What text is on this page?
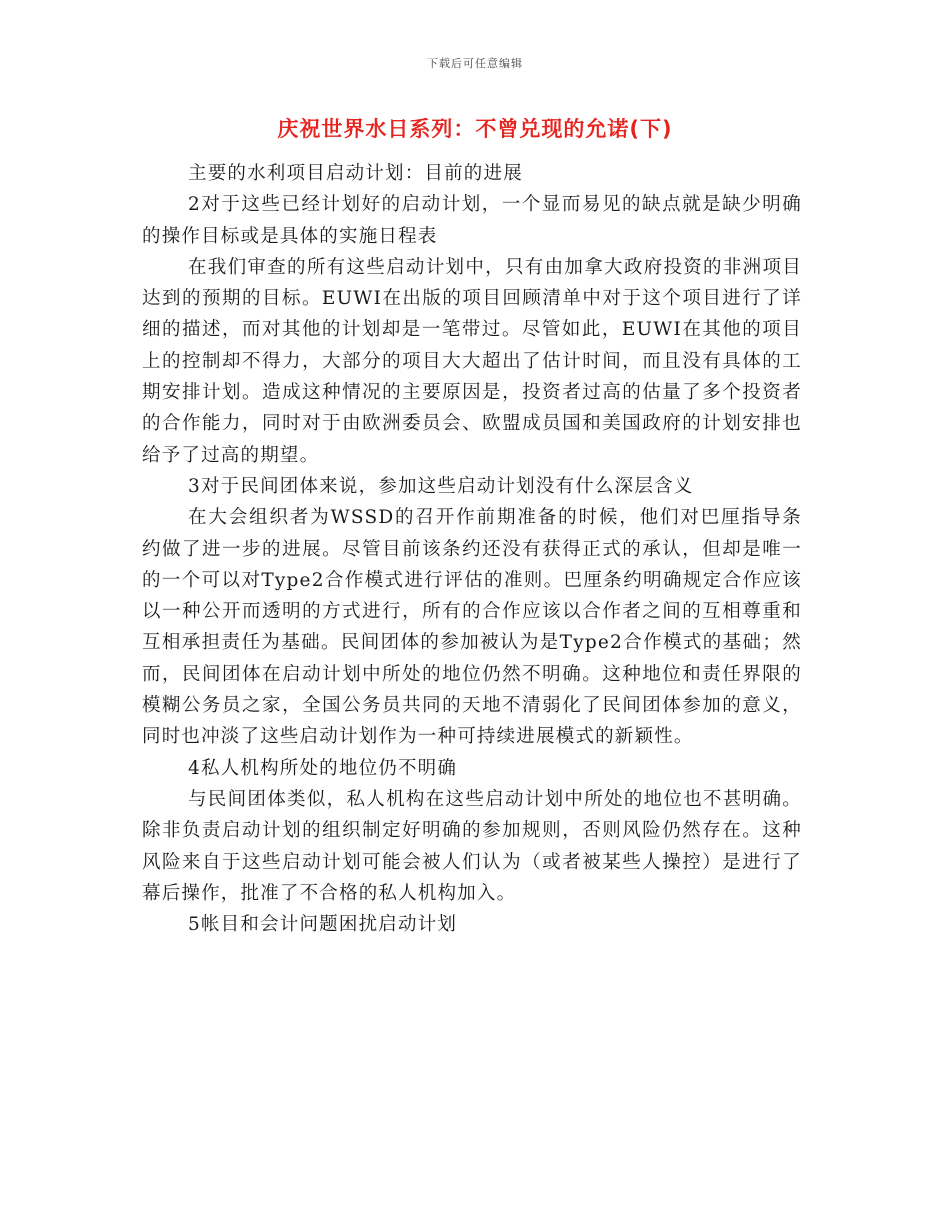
下载后可任意编辑
庆祝世界水日系列：不曾兑现的允诺(下)

主要的水利项目启动计划：目前的进展

2对于这些已经计划好的启动计划，一个显而易见的缺点就是缺少明确的操作目标或是具体的实施日程表

在我们审查的所有这些启动计划中，只有由加拿大政府投资的非洲项目达到的预期的目标。EUWI在出版的项目回顾清单中对于这个项目进行了详细的描述，而对其他的计划却是一笔带过。尽管如此，EUWI在其他的项目上的控制却不得力，大部分的项目大大超出了估计时间，而且没有具体的工期安排计划。造成这种情况的主要原因是，投资者过高的估量了多个投资者的合作能力，同时对于由欧洲委员会、欧盟成员国和美国政府的计划安排也给予了过高的期望。

3对于民间团体来说，参加这些启动计划没有什么深层含义

在大会组织者为WSSD的召开作前期准备的时候，他们对巴厘指导条约做了进一步的进展。尽管目前该条约还没有获得正式的承认，但却是唯一的一个可以对Type2合作模式进行评估的准则。巴厘条约明确规定合作应该以一种公开而透明的方式进行，所有的合作应该以合作者之间的互相尊重和互相承担责任为基础。民间团体的参加被认为是Type2合作模式的基础；然而，民间团体在启动计划中所处的地位仍然不明确。这种地位和责任界限的模糊公务员之家，全国公务员共同的天地不清弱化了民间团体参加的意义，同时也冲淡了这些启动计划作为一种可持续进展模式的新颖性。

4私人机构所处的地位仍不明确

与民间团体类似，私人机构在这些启动计划中所处的地位也不甚明确。除非负责启动计划的组织制定好明确的参加规则，否则风险仍然存在。这种风险来自于这些启动计划可能会被人们认为（或者被某些人操控）是进行了幕后操作，批准了不合格的私人机构加入。

5帐目和会计问题困扰启动计划
